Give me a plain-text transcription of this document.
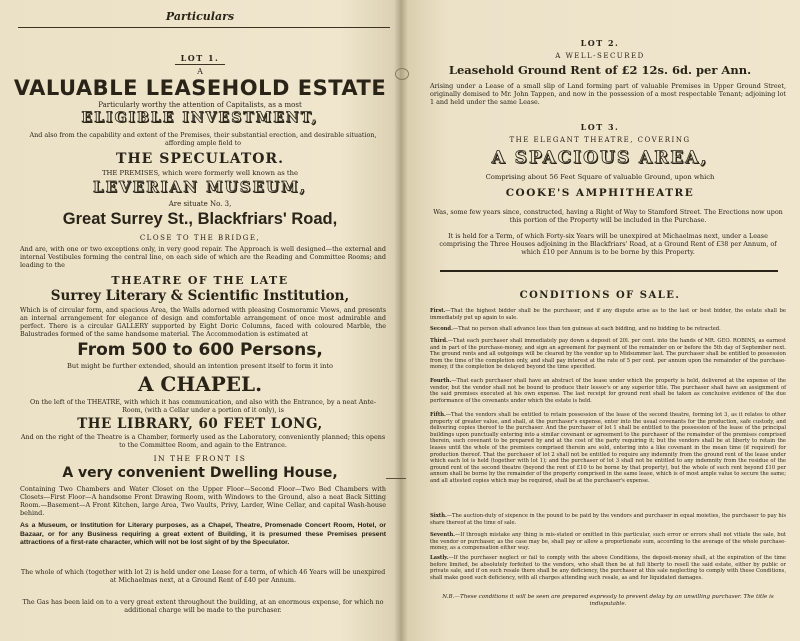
Particulars
LOT 1.
A
VALUABLE LEASEHOLD ESTATE
Particularly worthy the attention of Capitalists, as a most
ELIGIBLE INVESTMENT,
And also from the capability and extent of the Premises, their substantial erection, and desirable situation, affording ample field to
THE SPECULATOR.
THE PREMISES, which were formerly well known as the
LEVERIAN MUSEUM,
Are situate No. 3,
Great Surrey St., Blackfriars' Road,
CLOSE TO THE BRIDGE,
And are, with one or two exceptions only, in very good repair. The Approach is well designed—the external and internal Vestibules forming the central line, on each side of which are the Reading and Committee Rooms; and leading to the
THEATRE OF THE LATE
Surrey Literary & Scientific Institution,
Which is of circular form, and spacious Area, the Walls adorned with pleasing Cosmoramic Views, and presents an internal arrangement for elegance of design and comfortable arrangement of once most admirable and perfect. There is a circular GALLERY supported by Eight Doric Columns, faced with coloured Marble, the Balustrades formed of the same handsome material. The Accommodation is estimated at
From 500 to 600 Persons,
But might be further extended, should an intention present itself to form it into
A CHAPEL.
On the left of the THEATRE, with which it has communication, and also with the Entrance, by a neat Ante-Room, (with a Cellar under a portion of it only), is
THE LIBRARY, 60 FEET LONG,
And on the right of the Theatre is a Chamber, formerly used as the Laboratory, conveniently planned; this opens to the Committee Room, and again to the Entrance.
IN THE FRONT IS
A very convenient Dwelling House,
Containing Two Chambers and Water Closet on the Upper Floor—Second Floor—Two Bed Chambers with Closets—First Floor—A handsome Front Drawing Room, with Windows to the Ground, also a neat Back Sitting Room.—Basement—A Front Kitchen, large Area, Two Vaults, Privy, Larder, Wine Cellar, and capital Wash-house behind.
As a Museum, or Institution for Literary purposes, as a Chapel, Theatre, Promenade Concert Room, Hotel, or Bazaar, or for any Business requiring a great extent of Building, it is presumed these Premises present attractions of a first-rate character, which will not be lost sight of by the Speculator.
The whole of which (together with lot 2) is held under one Lease for a term, of which 46 Years will be unexpired at Michaelmas next, at a Ground Rent of £40 per Annum.
The Gas has been laid on to a very great extent throughout the building, at an enormous expense, for which no additional charge will be made to the purchaser.
LOT 2.
A WELL-SECURED
Leasehold Ground Rent of £2 12s. 6d. per Ann.
Arising under a Lease of a small slip of Land forming part of valuable Premises in Upper Ground Street, originally demised to Mr. John Tappen, and now in the possession of a most respectable Tenant; adjoining lot 1 and held under the same Lease.
LOT 3.
THE ELEGANT THEATRE, COVERING
A SPACIOUS AREA,
Comprising about 56 Feet Square of valuable Ground, upon which
COOKE'S AMPHITHEATRE
Was, some few years since, constructed, having a Right of Way to Stamford Street. The Erections now upon this portion of the Property will be included in the Purchase.
It is held for a Term, of which Forty-six Years will be unexpired at Michaelmas next, under a Lease comprising the Three Houses adjoining in the Blackfriars' Road, at a Ground Rent of £38 per Annum, of which £10 per Annum is to be borne by this Property.
CONDITIONS OF SALE.
First.—That the highest bidder shall be the purchaser, and if any dispute arise as to the last or best bidder, the estate shall be immediately put up again to sale.
Second.—That no person shall advance less than ten guineas at each bidding, and no bidding to be retracted.
Third.—That each purchaser shall immediately pay down a deposit of 20l. per cent. into the hands of MR. GEO. ROBINS, as earnest and in part of the purchase-money, and sign an agreement for payment of the remainder on or before the 5th day of September next. The ground rents and all outgoings will be cleared by the vendor up to Midsummer last. The purchaser shall be entitled to possession from the time of the completion only, and shall pay interest at the rate of 5 per cent. per annum upon the remainder of the purchase-money, if the completion be delayed beyond the time specified.
Fourth.—That each purchaser shall have an abstract of the lease under which the property is held, delivered at the expense of the vendor, but the vendor shall not be bound to produce their lessor's or any superior title. The purchaser shall have an assignment of the said premises executed at his own expense. The last receipt for ground rent shall be taken as conclusive evidence of the due performance of the covenants under which the estate is held.
Fifth.—That the vendors shall be entitled to retain possession of the lease of the second theatre, forming lot 3, as it relates to other property of greater value, and shall, at the purchaser's expense, enter into the usual covenants for the production, safe custody, and delivering copies thereof to the purchaser. And the purchaser of lot 1 shall be entitled to the possession of the lease of the principal buildings upon punctually entering into a similar covenant or agreement to the purchaser of the remainder of the premises comprised therein, such covenant to be prepared by and at the cost of the party requiring it; but the vendors shall be at liberty to retain the leases until the whole of the premises comprised therein are sold, entering into a like covenant in the mean time (if required) for production thereof. That the purchaser of lot 2 shall not be entitled to require any indemnity from the ground rent of the lease under which each lot is held (together with lot 1); and the purchaser of lot 3 shall not be entitled to any indemnity from the residue of the ground rent of the second theatre (beyond the rent of £10 to be borne by that property), but the whole of such rent beyond £10 per annum shall be borne by the remainder of the property comprised in the same lease, which is of most ample value to secure the same; and all attested copies which may be required, shall be at the purchaser's expense.
Sixth.—The auction-duty of sixpence in the pound to be paid by the vendors and purchaser in equal moieties, the purchaser to pay his share thereof at the time of sale.
Seventh.—If through mistake any thing is mis-stated or omitted in this particular, such error or errors shall not vitiate the sale, but the vendor or purchaser, as the case may be, shall pay or allow a proportionate sum, according to the average of the whole purchase-money, as a compensation either way.
Lastly.—If the purchaser neglect or fail to comply with the above Conditions, the deposit-money shall, at the expiration of the time before limited, be absolutely forfeited to the vendors, who shall then be at full liberty to resell the said estate, either by public or private sale, and if on such resale there shall be any deficiency, the purchaser at this sale neglecting to comply with these Conditions, shall make good such deficiency, with all charges attending such resale, as and for liquidated damages.
N.B.—These conditions it will be seen are prepared expressly to prevent delay by an unwilling purchaser. The title is indisputable.
